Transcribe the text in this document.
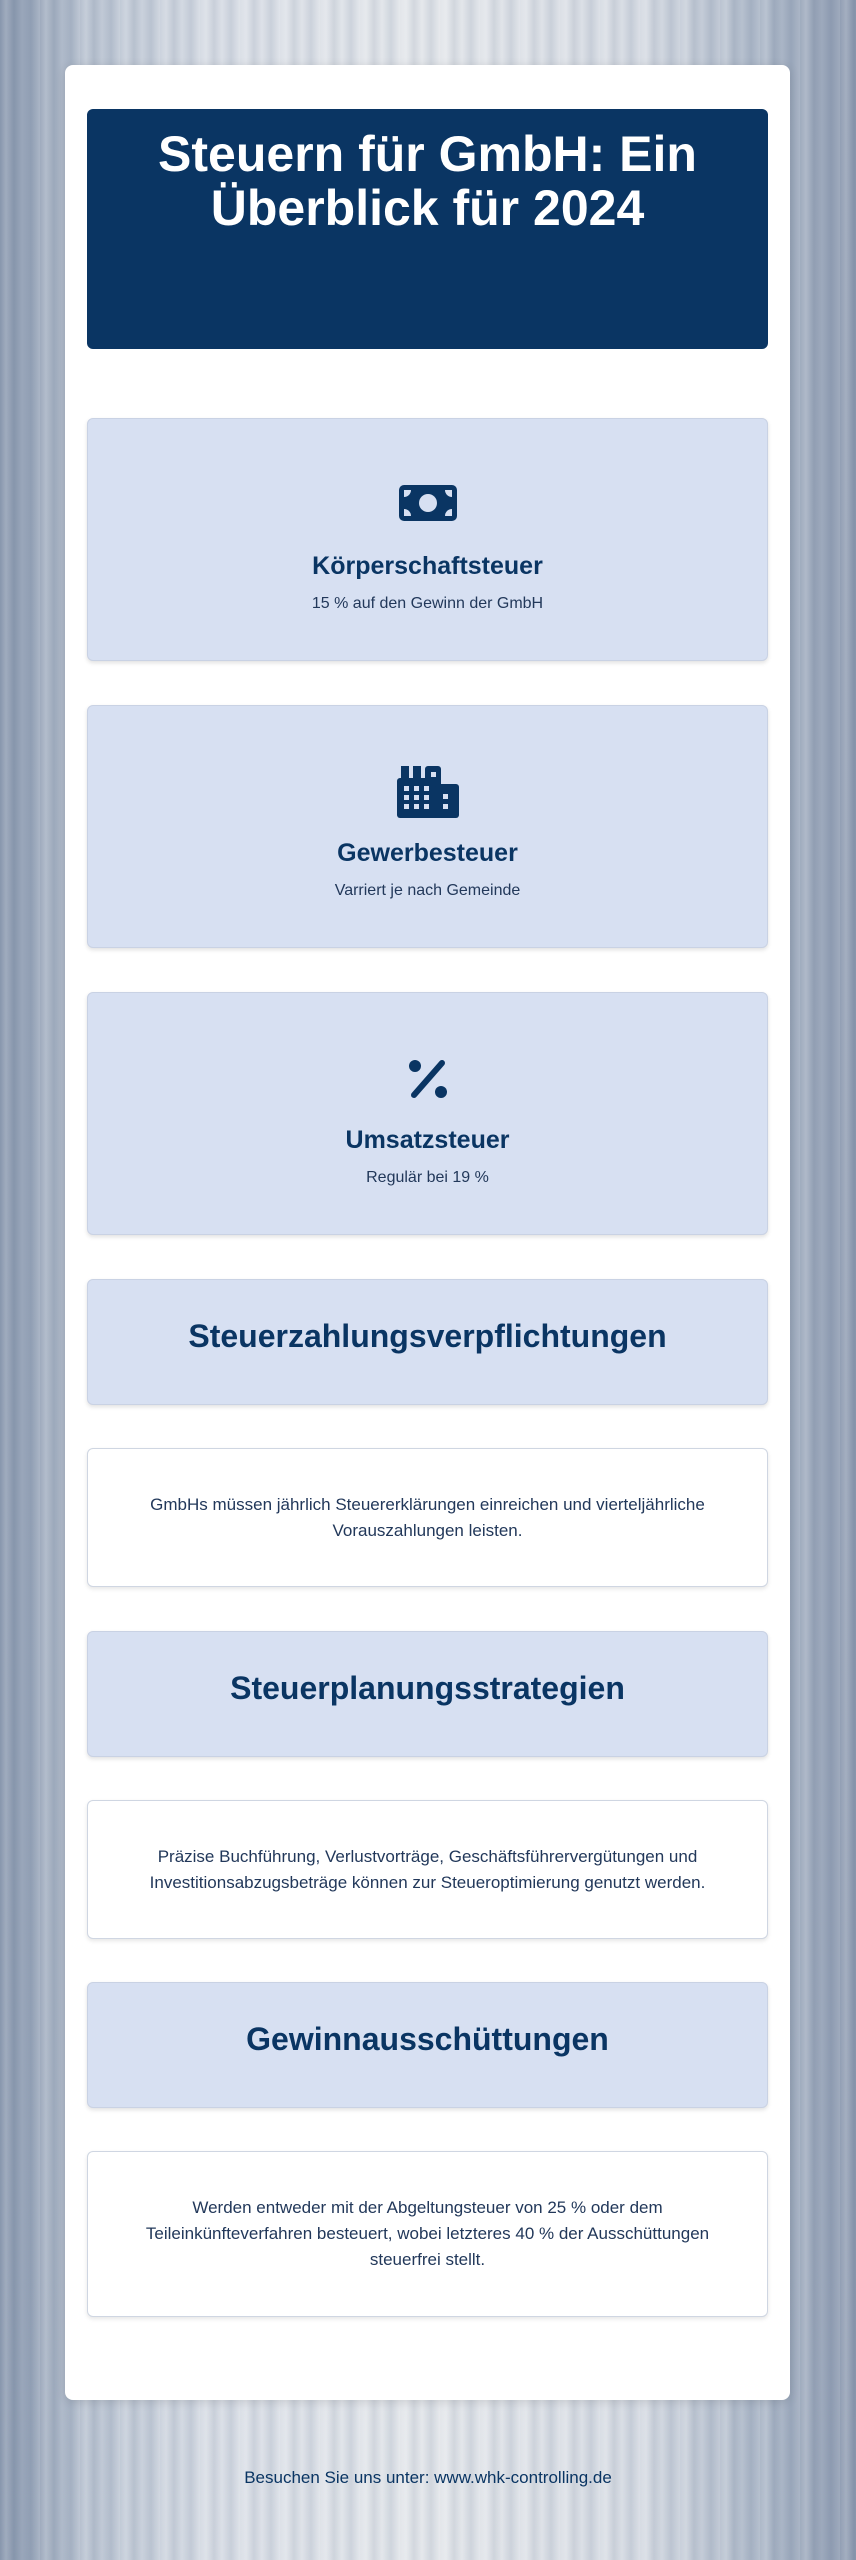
Steuern für GmbH: Ein Überblick für 2024
Körperschaftsteuer
15 % auf den Gewinn der GmbH
Gewerbesteuer
Varriert je nach Gemeinde
Umsatzsteuer
Regulär bei 19 %
Steuerzahlungsverpflichtungen
GmbHs müssen jährlich Steuererklärungen einreichen und vierteljährliche Vorauszahlungen leisten.
Steuerplanungsstrategien
Präzise Buchführung, Verlustvorträge, Geschäftsführervergütungen und Investitionsabzugsbeträge können zur Steueroptimierung genutzt werden.
Gewinnausschüttungen
Werden entweder mit der Abgeltungsteuer von 25 % oder dem Teileinkünfteverfahren besteuert, wobei letzteres 40 % der Ausschüttungen steuerfrei stellt.
Besuchen Sie uns unter: www.whk-controlling.de
